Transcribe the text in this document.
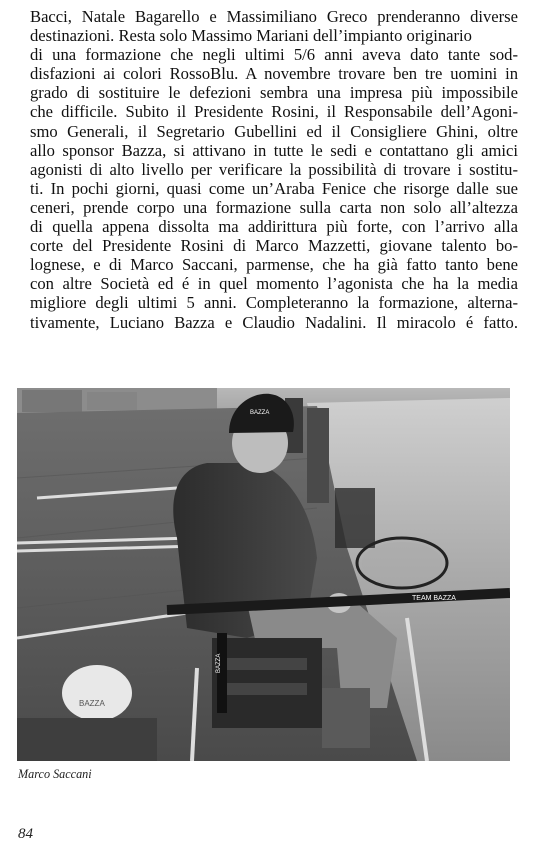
Bacci, Natale Bagarello e Massimiliano Greco prenderanno diverse
destinazioni. Resta solo Massimo Mariani dell’impianto originario
di una formazione che negli ultimi 5/6 anni aveva dato tante sod-
disfazioni ai colori RossoBlu. A novembre trovare ben tre uomini in
grado di sostituire le defezioni sembra una impresa più impossibile
che difficile. Subito il Presidente Rosini, il Responsabile dell’Agoni-
smo Generali, il Segretario Gubellini ed il Consigliere Ghini, oltre
allo sponsor Bazza, si attivano in tutte le sedi e contattano gli amici
agonisti di alto livello per verificare la possibilità di trovare i sostitu-
ti. In pochi giorni, quasi come un’Araba Fenice che risorge dalle sue
ceneri, prende corpo una formazione sulla carta non solo all’altezza
di quella appena dissolta ma addirittura più forte, con l’arrivo alla
corte del Presidente Rosini di Marco Mazzetti, giovane talento bo-
lognese, e di Marco Saccani, parmense, che ha già fatto tanto bene
con altre Società ed é in quel momento l’agonista che ha la media
migliore degli ultimi 5 anni. Completeranno la formazione, alterna-
tivamente, Luciano Bazza e Claudio Nadalini. Il miracolo é fatto.
BAZZA
TEAM BAZZA
BAZZA
BAZZA
Marco Saccani
84
